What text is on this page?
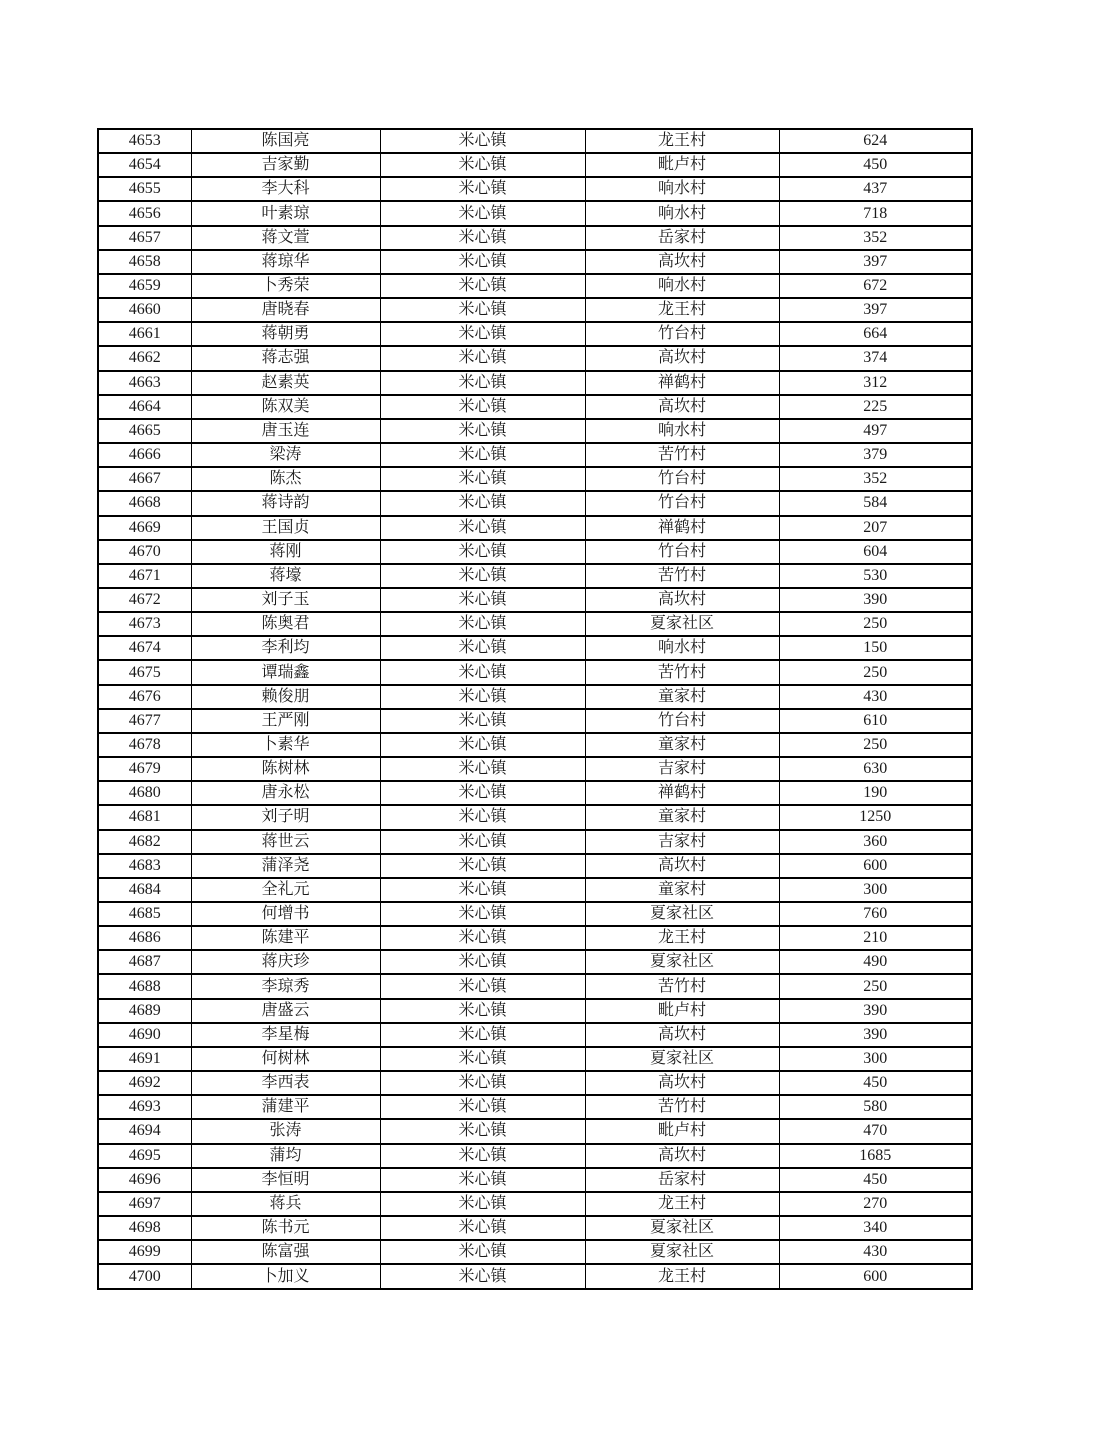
4653	陈国亮	米心镇	龙王村	624
4654	吉家勤	米心镇	毗卢村	450
4655	李大科	米心镇	响水村	437
4656	叶素琼	米心镇	响水村	718
4657	蒋文萱	米心镇	岳家村	352
4658	蒋琼华	米心镇	高坎村	397
4659	卜秀荣	米心镇	响水村	672
4660	唐晓春	米心镇	龙王村	397
4661	蒋朝勇	米心镇	竹台村	664
4662	蒋志强	米心镇	高坎村	374
4663	赵素英	米心镇	禅鹤村	312
4664	陈双美	米心镇	高坎村	225
4665	唐玉连	米心镇	响水村	497
4666	梁涛	米心镇	苦竹村	379
4667	陈杰	米心镇	竹台村	352
4668	蒋诗韵	米心镇	竹台村	584
4669	王国贞	米心镇	禅鹤村	207
4670	蒋刚	米心镇	竹台村	604
4671	蒋壕	米心镇	苦竹村	530
4672	刘子玉	米心镇	高坎村	390
4673	陈奥君	米心镇	夏家社区	250
4674	李利均	米心镇	响水村	150
4675	谭瑞鑫	米心镇	苦竹村	250
4676	赖俊朋	米心镇	童家村	430
4677	王严刚	米心镇	竹台村	610
4678	卜素华	米心镇	童家村	250
4679	陈树林	米心镇	吉家村	630
4680	唐永松	米心镇	禅鹤村	190
4681	刘子明	米心镇	童家村	1250
4682	蒋世云	米心镇	吉家村	360
4683	蒲泽尧	米心镇	高坎村	600
4684	全礼元	米心镇	童家村	300
4685	何增书	米心镇	夏家社区	760
4686	陈建平	米心镇	龙王村	210
4687	蒋庆珍	米心镇	夏家社区	490
4688	李琼秀	米心镇	苦竹村	250
4689	唐盛云	米心镇	毗卢村	390
4690	李星梅	米心镇	高坎村	390
4691	何树林	米心镇	夏家社区	300
4692	李西表	米心镇	高坎村	450
4693	蒲建平	米心镇	苦竹村	580
4694	张涛	米心镇	毗卢村	470
4695	蒲均	米心镇	高坎村	1685
4696	李恒明	米心镇	岳家村	450
4697	蒋兵	米心镇	龙王村	270
4698	陈书元	米心镇	夏家社区	340
4699	陈富强	米心镇	夏家社区	430
4700	卜加义	米心镇	龙王村	600
